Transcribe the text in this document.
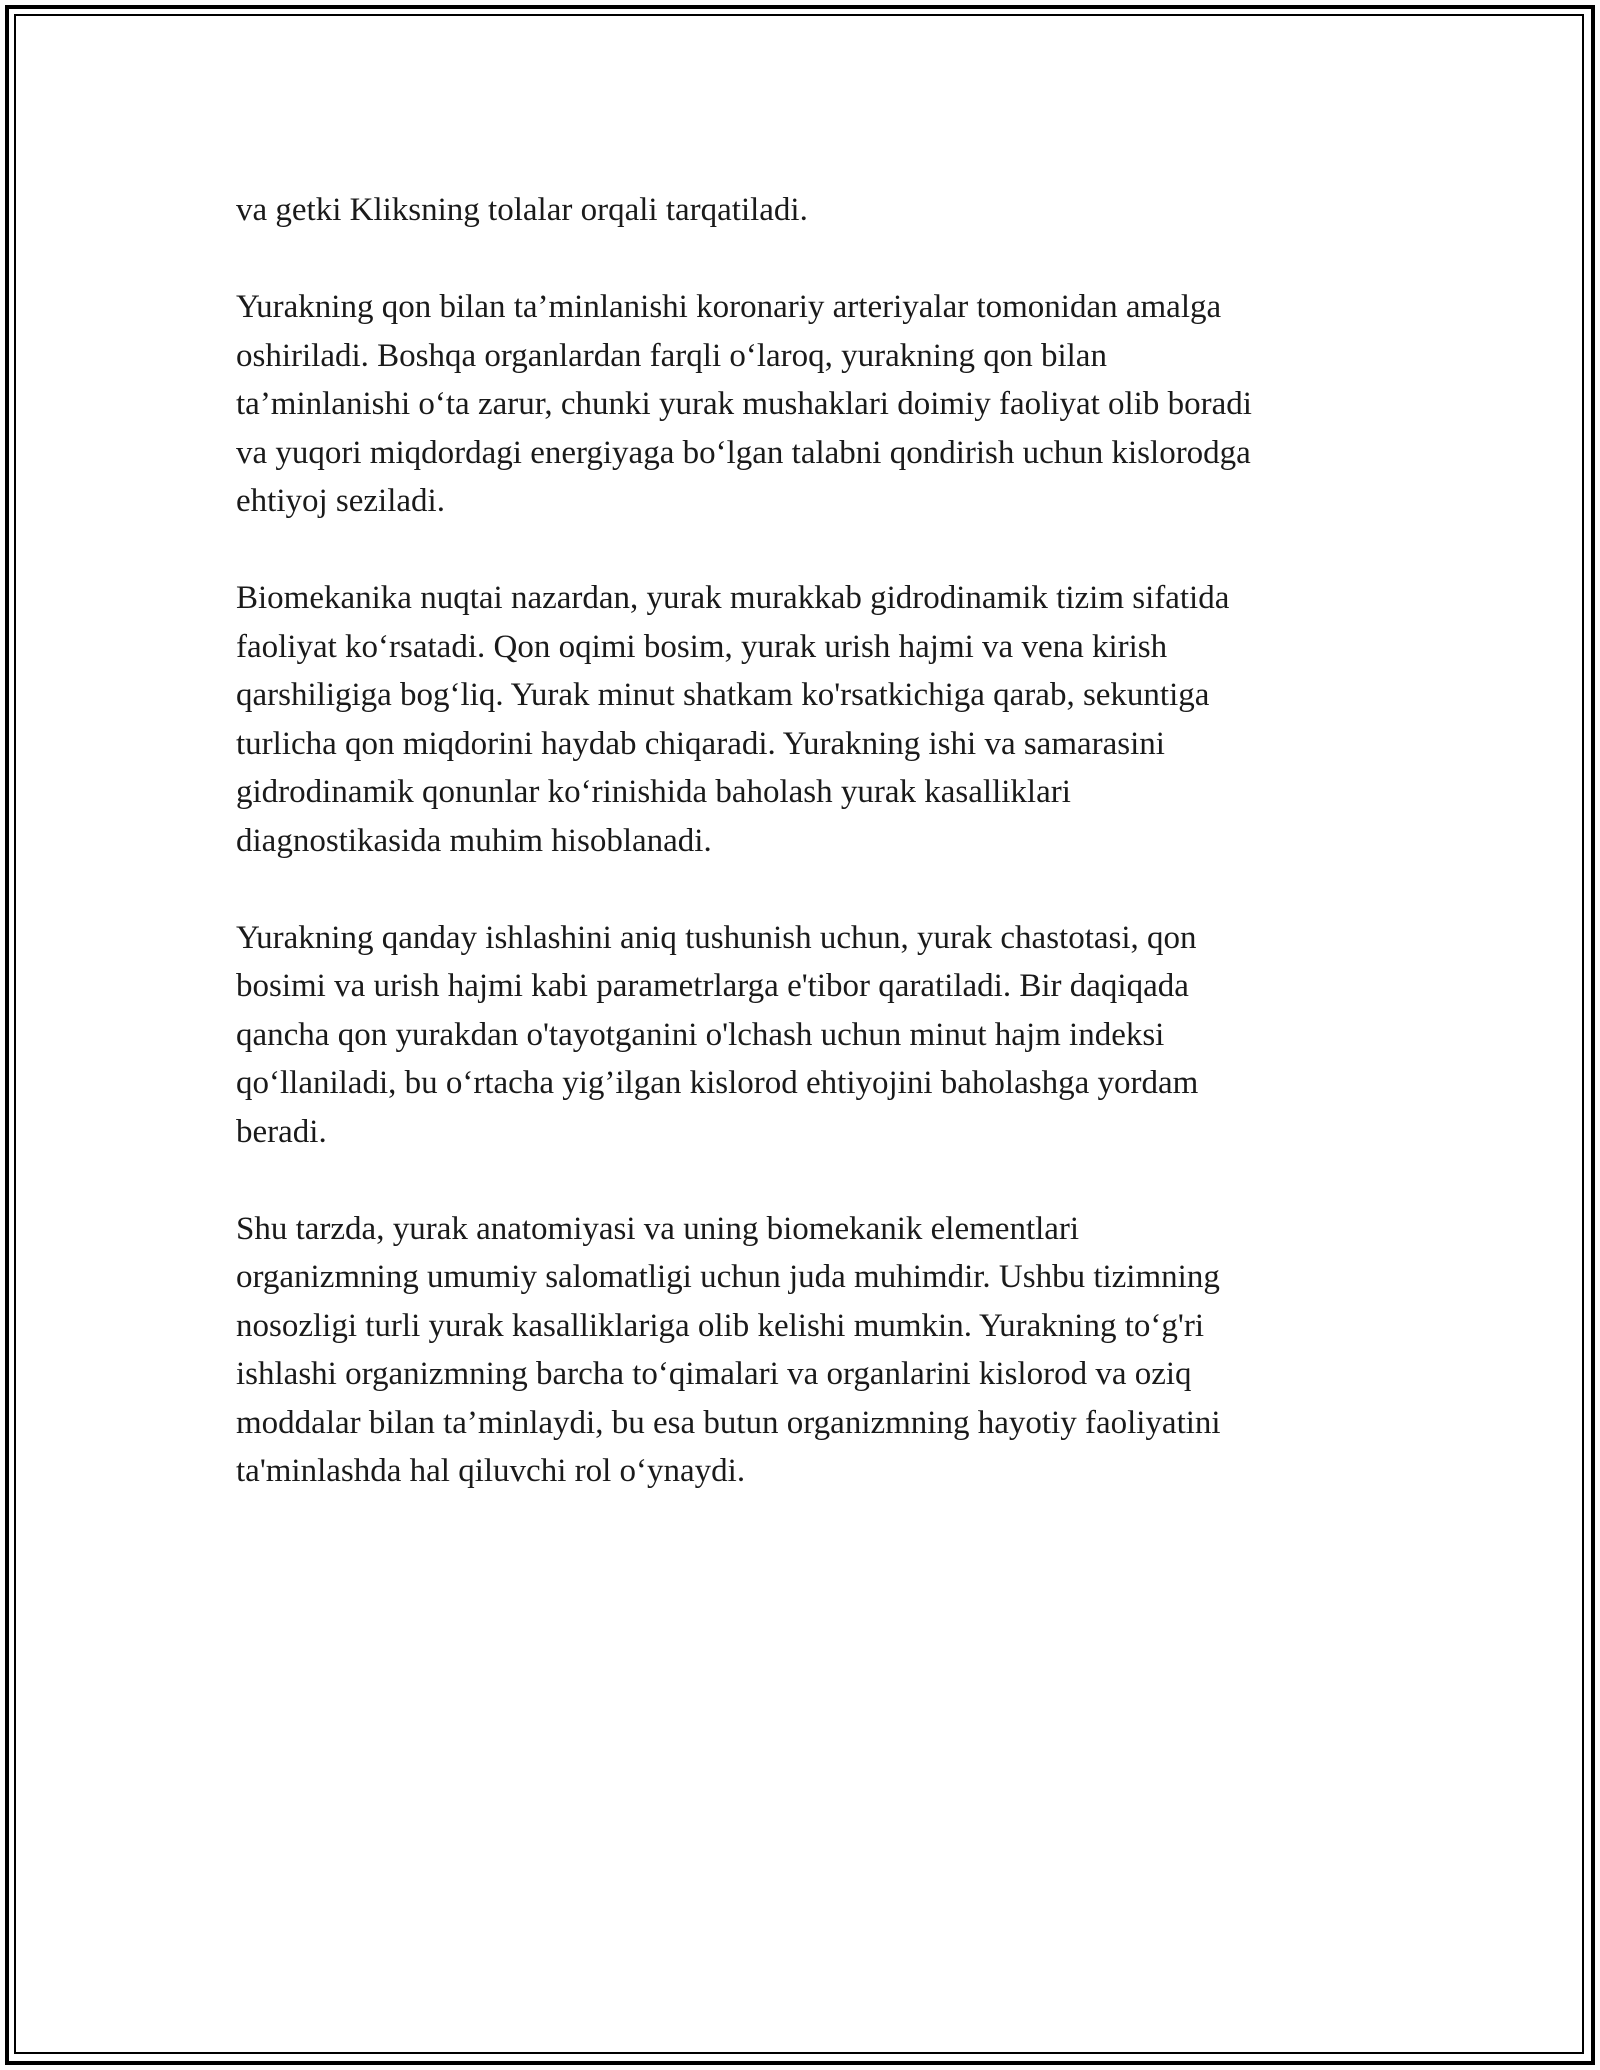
va getki Kliksning tolalar orqali tarqatiladi.

Yurakning qon bilan ta’minlanishi koronariy arteriyalar tomonidan amalga
oshiriladi. Boshqa organlardan farqli o‘laroq, yurakning qon bilan
ta’minlanishi o‘ta zarur, chunki yurak mushaklari doimiy faoliyat olib boradi
va yuqori miqdordagi energiyaga bo‘lgan talabni qondirish uchun kislorodga
ehtiyoj seziladi.

Biomekanika nuqtai nazardan, yurak murakkab gidrodinamik tizim sifatida
faoliyat ko‘rsatadi. Qon oqimi bosim, yurak urish hajmi va vena kirish
qarshiligiga bog‘liq. Yurak minut shatkam ko'rsatkichiga qarab, sekuntiga
turlicha qon miqdorini haydab chiqaradi. Yurakning ishi va samarasini
gidrodinamik qonunlar ko‘rinishida baholash yurak kasalliklari
diagnostikasida muhim hisoblanadi.

Yurakning qanday ishlashini aniq tushunish uchun, yurak chastotasi, qon
bosimi va urish hajmi kabi parametrlarga e'tibor qaratiladi. Bir daqiqada
qancha qon yurakdan o'tayotganini o'lchash uchun minut hajm indeksi
qo‘llaniladi, bu o‘rtacha yig’ilgan kislorod ehtiyojini baholashga yordam
beradi.

Shu tarzda, yurak anatomiyasi va uning biomekanik elementlari
organizmning umumiy salomatligi uchun juda muhimdir. Ushbu tizimning
nosozligi turli yurak kasalliklariga olib kelishi mumkin. Yurakning to‘g'ri
ishlashi organizmning barcha to‘qimalari va organlarini kislorod va oziq
moddalar bilan ta’minlaydi, bu esa butun organizmning hayotiy faoliyatini
ta'minlashda hal qiluvchi rol o‘ynaydi.
